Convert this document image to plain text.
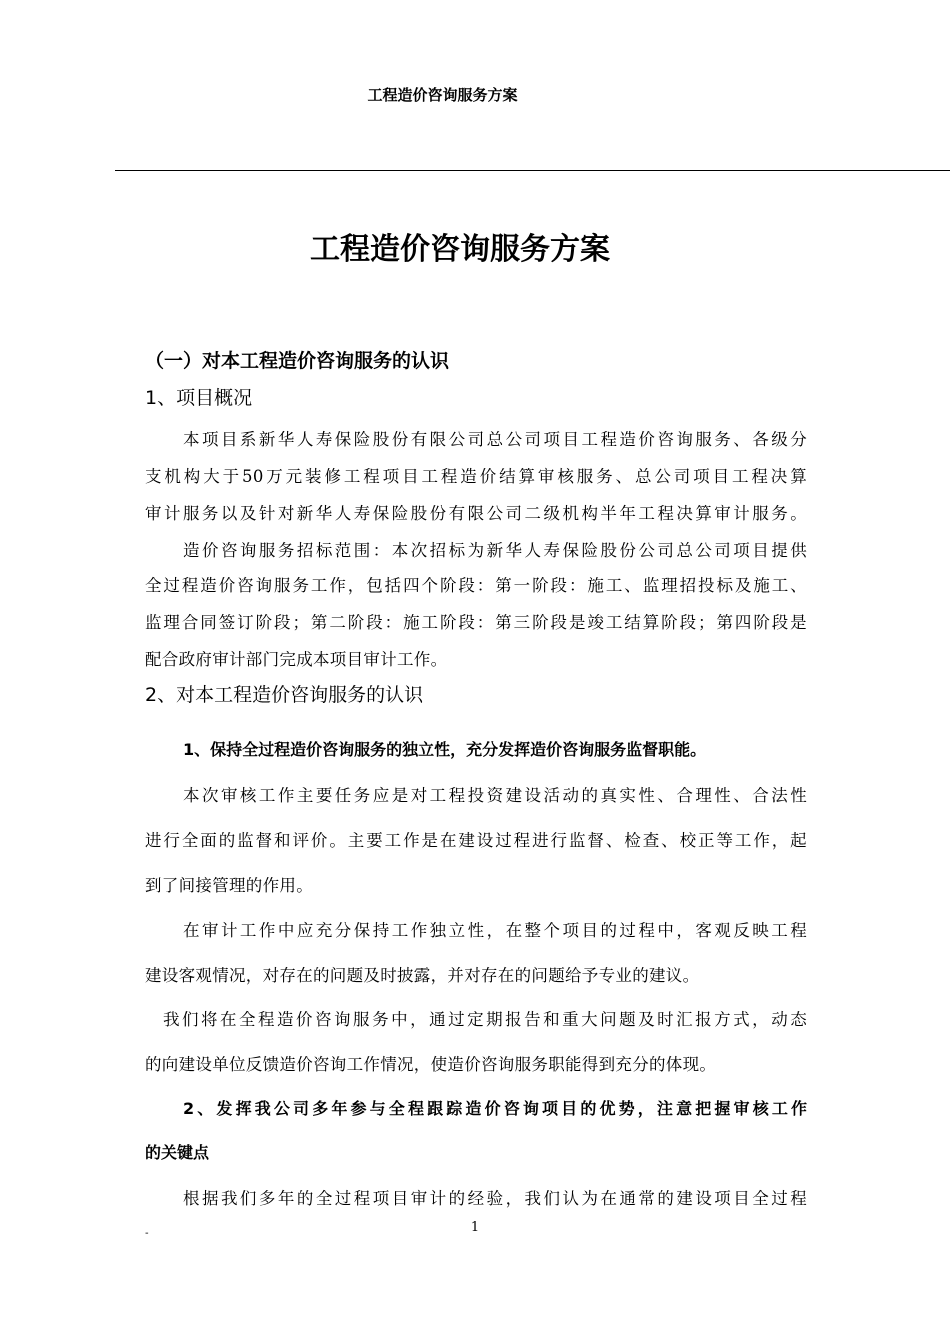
工程造价咨询服务方案
工程造价咨询服务方案
（一）对本工程造价咨询服务的认识
1、项目概况
本项目系新华人寿保险股份有限公司总公司项目工程造价咨询服务、各级分
支机构大于50万元装修工程项目工程造价结算审核服务、总公司项目工程决算
审计服务以及针对新华人寿保险股份有限公司二级机构半年工程决算审计服务。
造价咨询服务招标范围：本次招标为新华人寿保险股份公司总公司项目提供
全过程造价咨询服务工作，包括四个阶段：第一阶段：施工、监理招投标及施工、
监理合同签订阶段；第二阶段：施工阶段：第三阶段是竣工结算阶段；第四阶段是
配合政府审计部门完成本项目审计工作。
2、对本工程造价咨询服务的认识
1、保持全过程造价咨询服务的独立性，充分发挥造价咨询服务监督职能。
本次审核工作主要任务应是对工程投资建设活动的真实性、合理性、合法性
进行全面的监督和评价。主要工作是在建设过程进行监督、检查、校正等工作，起
到了间接管理的作用。
在审计工作中应充分保持工作独立性，在整个项目的过程中，客观反映工程
建设客观情况，对存在的问题及时披露，并对存在的问题给予专业的建议。
我们将在全程造价咨询服务中，通过定期报告和重大问题及时汇报方式，动态
的向建设单位反馈造价咨询工作情况，使造价咨询服务职能得到充分的体现。
2、发挥我公司多年参与全程跟踪造价咨询项目的优势，注意把握审核工作
的关键点
根据我们多年的全过程项目审计的经验，我们认为在通常的建设项目全过程
1
-
